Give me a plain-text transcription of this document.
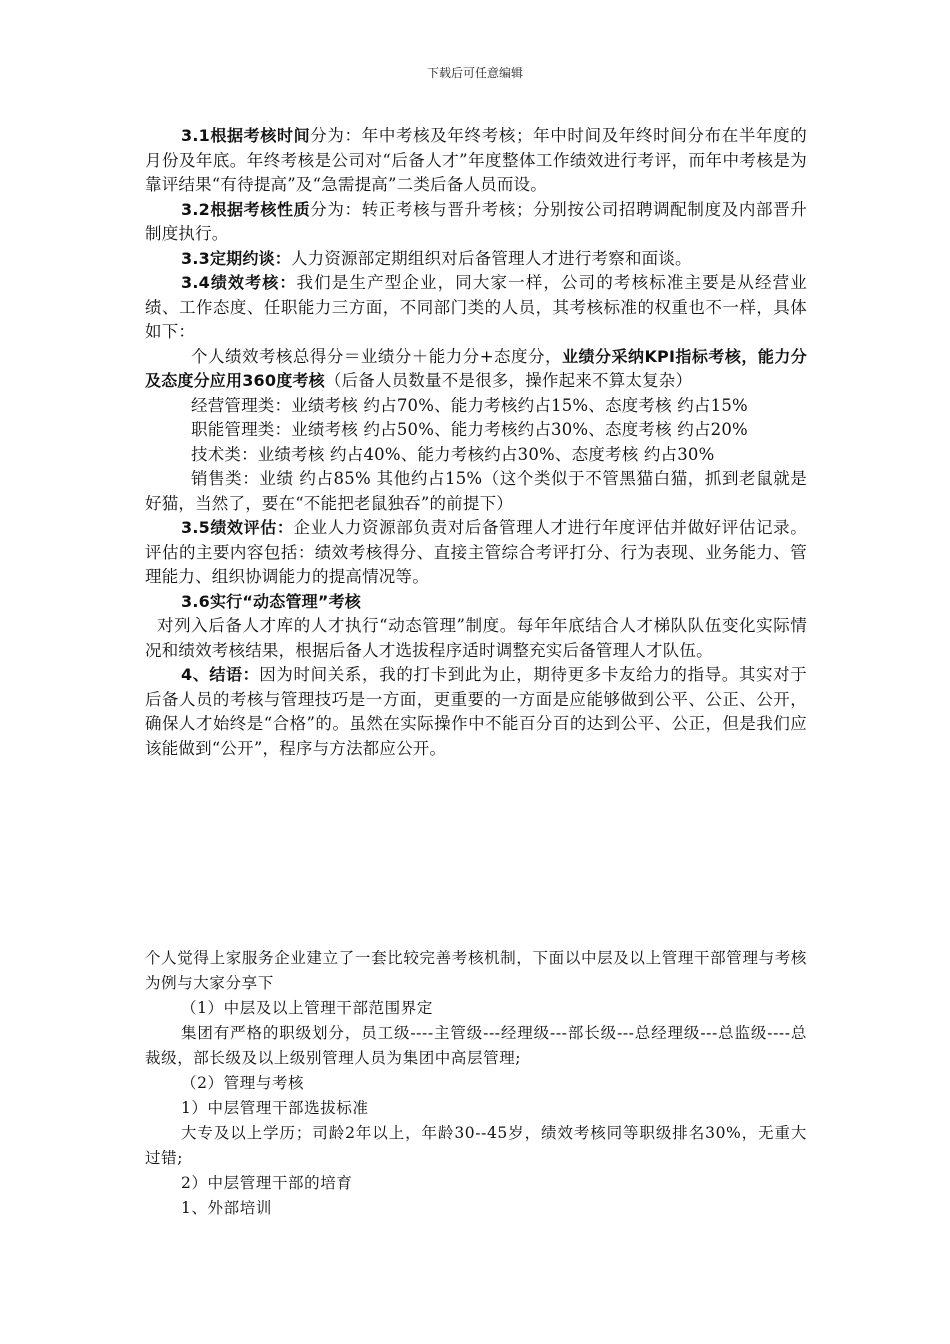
下载后可任意编辑

3.1根据考核时间分为：年中考核及年终考核；年中时间及年终时间分布在半年度的月份及年底。年终考核是公司对“后备人才”年度整体工作绩效进行考评，而年中考核是为靠评结果“有待提高”及“急需提高”二类后备人员而设。

3.2根据考核性质分为：转正考核与晋升考核；分别按公司招聘调配制度及内部晋升制度执行。

3.3定期约谈：人力资源部定期组织对后备管理人才进行考察和面谈。

3.4绩效考核：我们是生产型企业，同大家一样，公司的考核标准主要是从经营业绩、工作态度、任职能力三方面，不同部门类的人员，其考核标准的权重也不一样，具体如下：

个人绩效考核总得分＝业绩分＋能力分+态度分，业绩分采纳KPI指标考核，能力分及态度分应用360度考核（后备人员数量不是很多，操作起来不算太复杂）

经营管理类：业绩考核 约占70%、能力考核约占15%、态度考核 约占15%

职能管理类：业绩考核 约占50%、能力考核约占30%、态度考核 约占20%

技术类：业绩考核 约占40%、能力考核约占30%、态度考核 约占30%

销售类：业绩 约占85% 其他约占15%（这个类似于不管黑猫白猫，抓到老鼠就是好猫，当然了，要在“不能把老鼠独吞”的前提下）

3.5绩效评估：企业人力资源部负责对后备管理人才进行年度评估并做好评估记录。评估的主要内容包括：绩效考核得分、直接主管综合考评打分、行为表现、业务能力、管理能力、组织协调能力的提高情况等。

3.6实行“动态管理”考核

对列入后备人才库的人才执行“动态管理”制度。每年年底结合人才梯队队伍变化实际情况和绩效考核结果，根据后备人才选拔程序适时调整充实后备管理人才队伍。

4、结语：因为时间关系，我的打卡到此为止，期待更多卡友给力的指导。其实对于后备人员的考核与管理技巧是一方面，更重要的一方面是应能够做到公平、公正、公开，确保人才始终是“合格”的。虽然在实际操作中不能百分百的达到公平、公正，但是我们应该能做到“公开”，程序与方法都应公开。

个人觉得上家服务企业建立了一套比较完善考核机制，下面以中层及以上管理干部管理与考核为例与大家分享下

（1）中层及以上管理干部范围界定

集团有严格的职级划分，员工级----主管级---经理级---部长级---总经理级---总监级----总裁级，部长级及以上级别管理人员为集团中高层管理;

（2）管理与考核

1）中层管理干部选拔标准

大专及以上学历；司龄2年以上，年龄30--45岁，绩效考核同等职级排名30%，无重大过错;

2）中层管理干部的培育

1、外部培训
